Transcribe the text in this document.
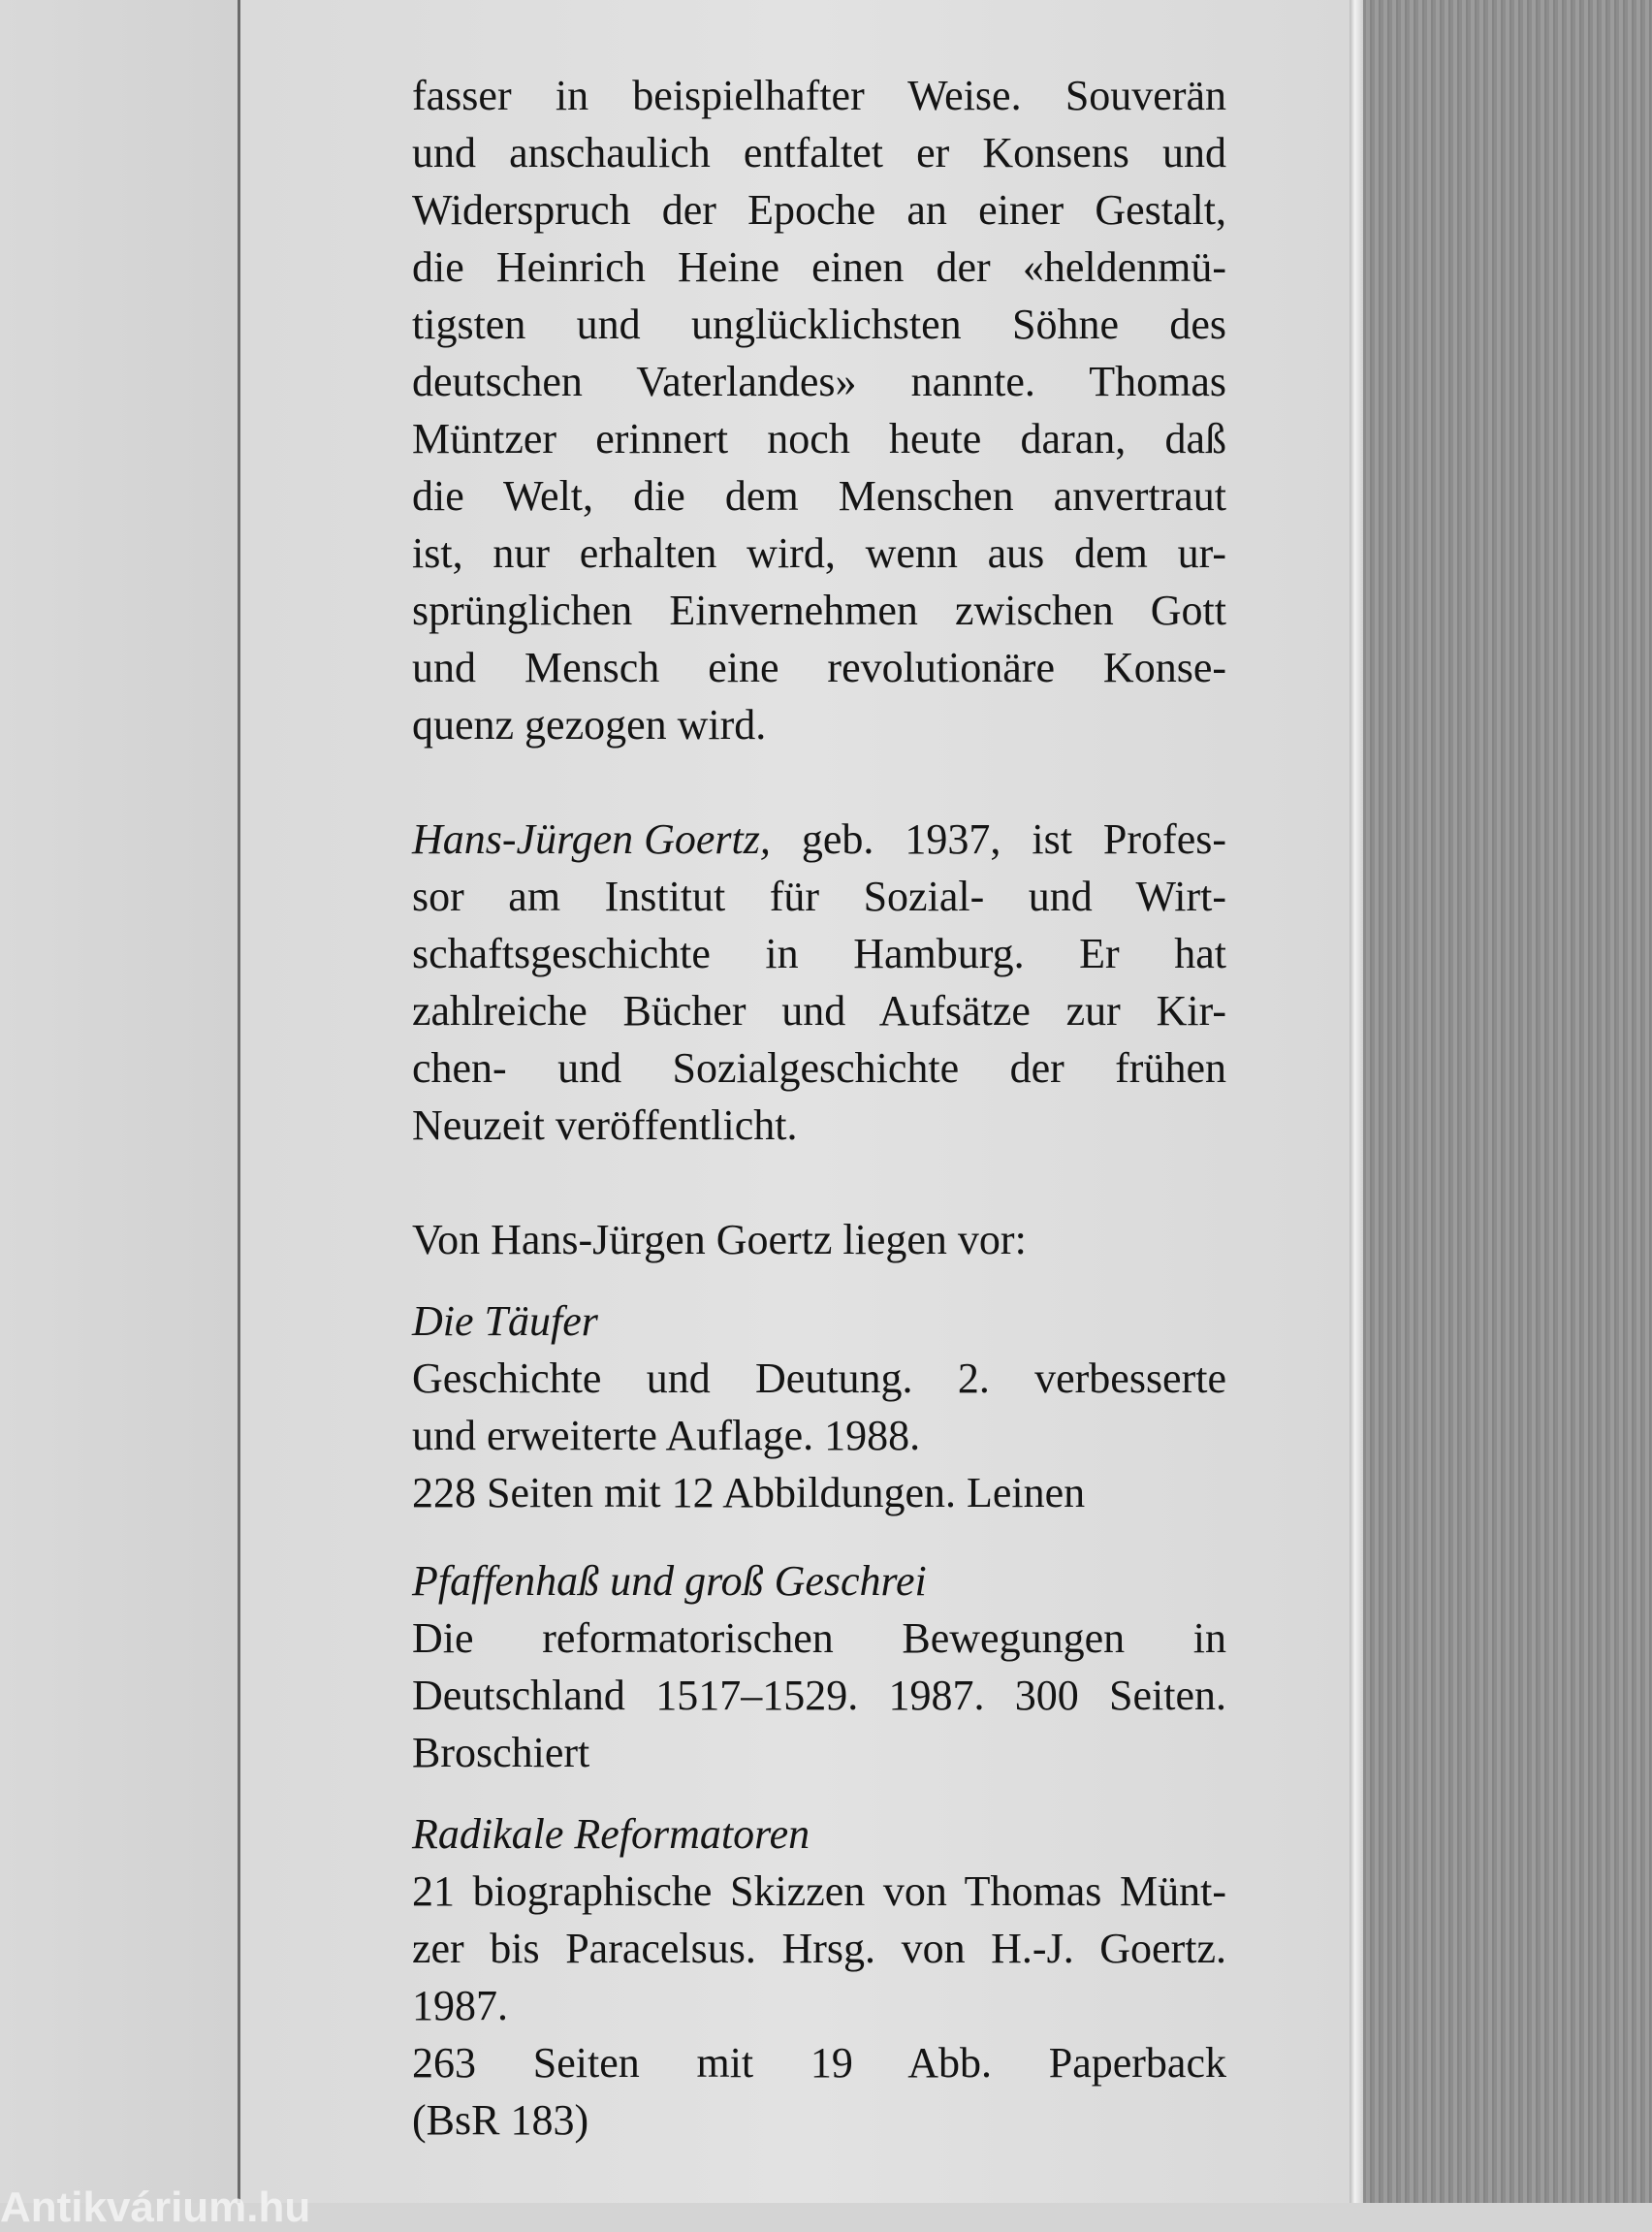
fasser in beispielhafter Weise. Souverän
und anschaulich entfaltet er Konsens und
Widerspruch der Epoche an einer Gestalt,
die Heinrich Heine einen der «heldenmü-
tigsten und unglücklichsten Söhne des
deutschen Vaterlandes» nannte. Thomas
Müntzer erinnert noch heute daran, daß
die Welt, die dem Menschen anvertraut
ist, nur erhalten wird, wenn aus dem ur-
sprünglichen Einvernehmen zwischen Gott
und Mensch eine revolutionäre Konse-
quenz gezogen wird.
Hans-Jürgen Goertz, geb. 1937, ist Profes-
sor am Institut für Sozial- und Wirt-
schaftsgeschichte in Hamburg. Er hat
zahlreiche Bücher und Aufsätze zur Kir-
chen- und Sozialgeschichte der frühen
Neuzeit veröffentlicht.
Von Hans-Jürgen Goertz liegen vor:
Die Täufer
Geschichte und Deutung. 2. verbesserte
und erweiterte Auflage. 1988.
228 Seiten mit 12 Abbildungen. Leinen
Pfaffenhaß und groß Geschrei
Die reformatorischen Bewegungen in
Deutschland 1517–1529. 1987. 300 Seiten.
Broschiert
Radikale Reformatoren
21 biographische Skizzen von Thomas Münt-
zer bis Paracelsus. Hrsg. von H.-J. Goertz.
1987.
263 Seiten mit 19 Abb. Paperback
(BsR 183)
Antikvárium.hu
